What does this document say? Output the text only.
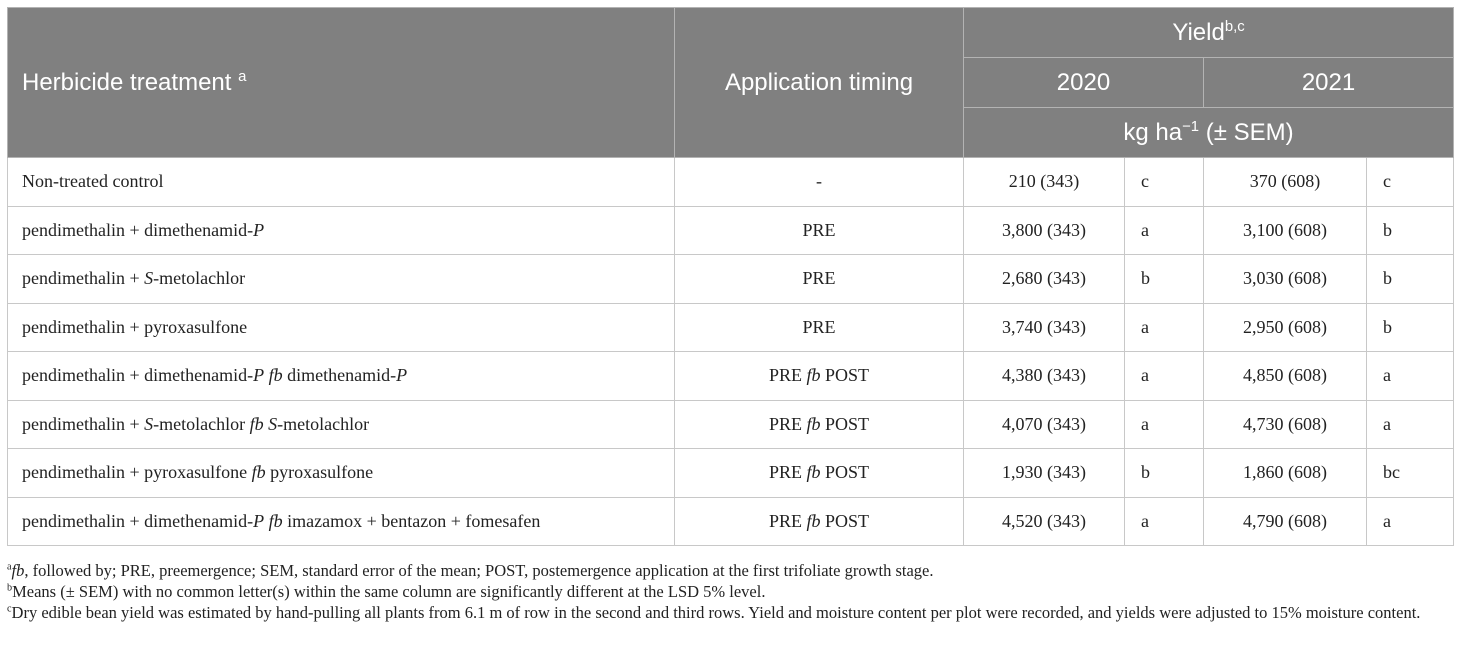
Herbicide treatment $^a$	Application timing	Yield$^{b,c}$
		2020		2021	
		kg $ha^{-1}$ (± SEM)			
Non-treated control	-	210 (343)	c	370 (608)	c
pendimethalin + dimethenamid-P	PRE	3,800 (343)	a	3,100 (608)	b
pendimethalin + S-metolachlor	PRE	2,680 (343)	b	3,030 (608)	b
pendimethalin + pyroxasulfone	PRE	3,740 (343)	a	2,950 (608)	b
pendimethalin + dimethenamid-P fb dimethenamid-P	PRE fb POST	4,380 (343)	a	4,850 (608)	a
pendimethalin + S-metolachlor fb S-metolachlor	PRE fb POST	4,070 (343)	a	4,730 (608)	a
pendimethalin + pyroxasulfone fb pyroxasulfone	PRE fb POST	1,930 (343)	b	1,860 (608)	bc
pendimethalin + dimethenamid-P fb imazamox + bentazon + fomesafen	PRE fb POST	4,520 (343)	a	4,790 (608)	a

$^a$fb, followed by; PRE, preemergence; SEM, standard error of the mean; POST, postemergence application at the first trifoliate growth stage.

$^b$Means (± SEM) with no common letter(s) within the same column are significantly different at the LSD 5% level.

$^c$Dry edible bean yield was estimated by hand-pulling all plants from 6.1 m of row in the second and third rows. Yield and moisture content per plot were recorded, and yields were adjusted to 15% moisture content.
